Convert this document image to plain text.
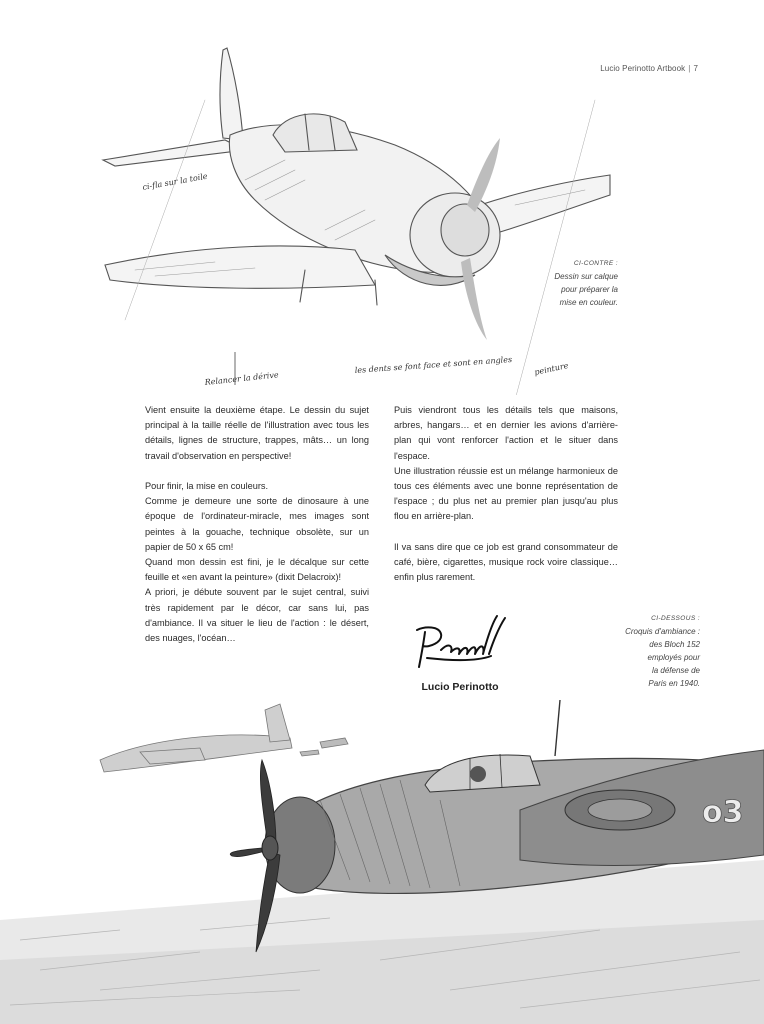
Lucio Perinotto Artbook | 7
ci-fla sur la toile
Relancer la dérive
les dents se font face et sont en angles	peinture
CI-CONTRE :
Dessin sur calque
pour préparer la
mise en couleur.

Vient ensuite la deuxième étape. Le dessin du sujet principal à la taille réelle de l'illustration avec tous les détails, lignes de structure, trappes, mâts… un long travail d'observation en perspective!

Pour finir, la mise en couleurs.

Comme je demeure une sorte de dinosaure à une époque de l'ordinateur-miracle, mes images sont peintes à la gouache, technique obsolète, sur un papier de 50 x 65 cm!

Quand mon dessin est fini, je le décalque sur cette feuille et «en avant la peinture» (dixit Delacroix)!

A priori, je débute souvent par le sujet central, suivi très rapidement par le décor, car sans lui, pas d'ambiance. Il va situer le lieu de l'action : le désert, des nuages, l'océan…

Puis viendront tous les détails tels que maisons, arbres, hangars… et en dernier les avions d'arrière-plan qui vont renforcer l'action et le situer dans l'espace.

Une illustration réussie est un mélange harmonieux de tous ces éléments avec une bonne représentation de l'espace ; du plus net au premier plan jusqu'au plus flou en arrière-plan.

Il va sans dire que ce job est grand consommateur de café, bière, cigarettes, musique rock voire classique… enfin plus rarement.

Lucio Perinotto
CI-DESSOUS :
Croquis d'ambiance :
des Bloch 152
employés pour
la défense de
Paris en 1940.
o3
